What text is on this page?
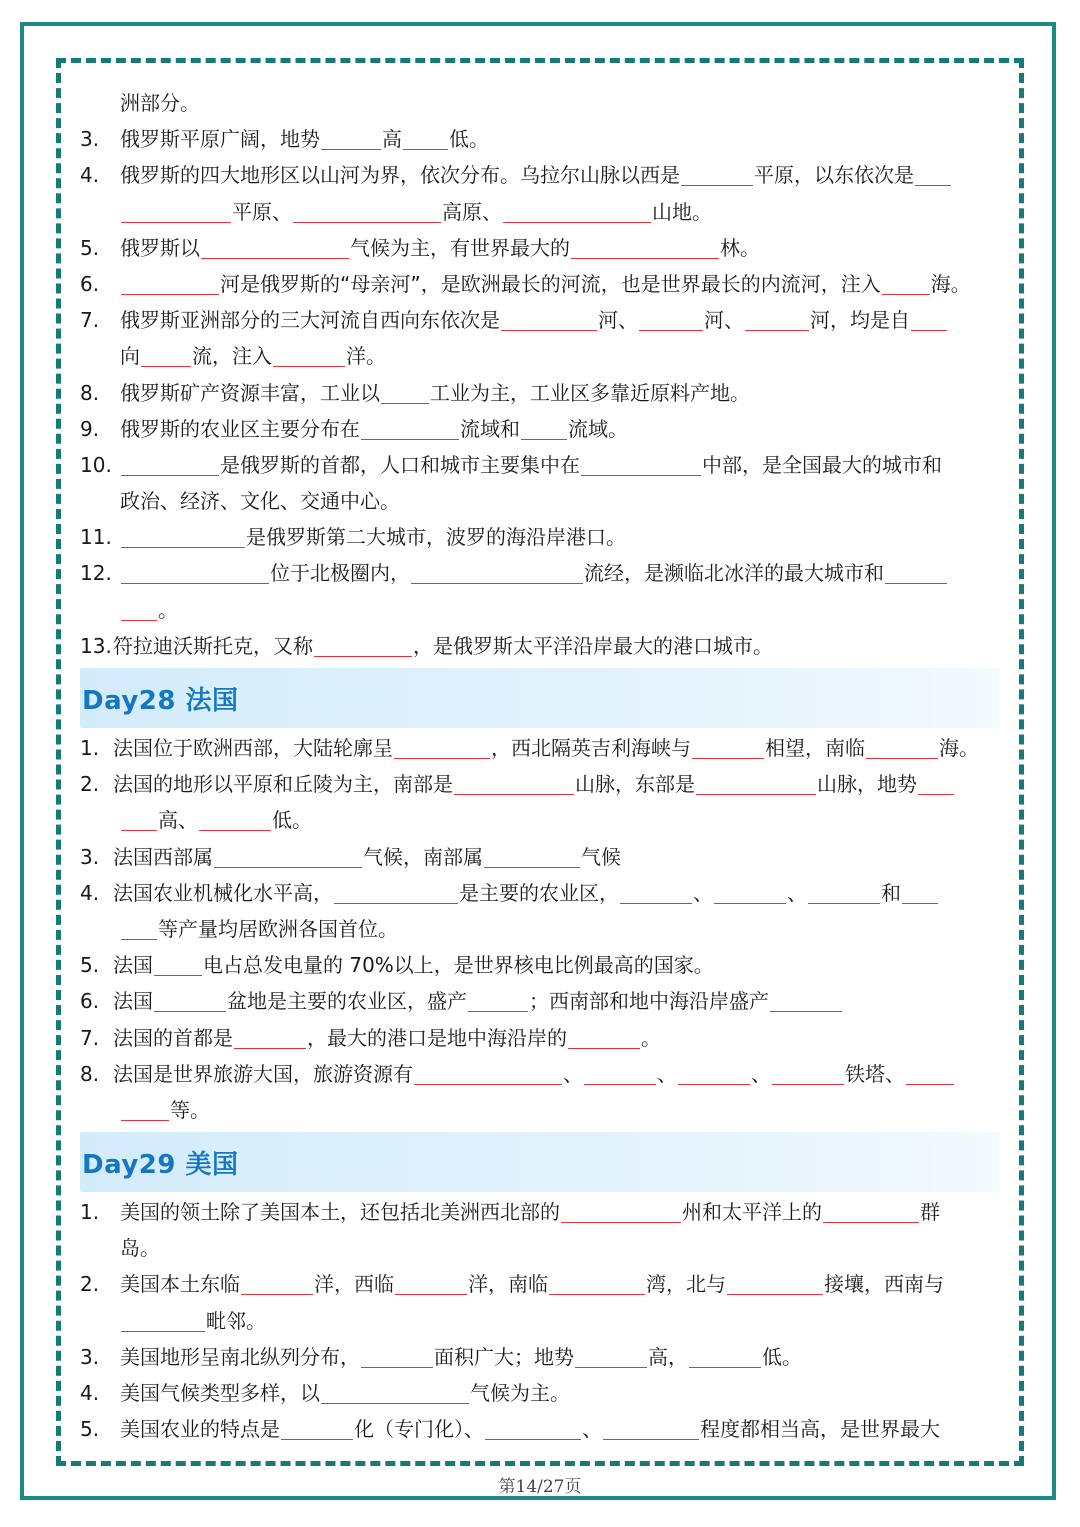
洲部分。
3.	俄罗斯平原广阔，地势	高 低。
4.	俄罗斯的四大地形区以山河为界，依次分布。乌拉尔山脉以西是	平原，以东依次是
平原、	高原、	山地。
5.	俄罗斯以	气候为主，有世界最大的	林。
6.	河是俄罗斯的“母亲河”，是欧洲最长的河流，也是世界最长的内流河，注入	海。
7.	俄罗斯亚洲部分的三大河流自西向东依次是	河、	河、	河，均是自
向	流，注入	洋。
8.	俄罗斯矿产资源丰富，工业以	工业为主，工业区多靠近原料产地。
9.	俄罗斯的农业区主要分布在	流域和 流域。
10.	是俄罗斯的首都，人口和城市主要集中在	中部，是全国最大的城市和
政治、经济、文化、交通中心。
11.	是俄罗斯第二大城市，波罗的海沿岸港口。
12.	位于北极圈内，	流经，是濒临北冰洋的最大城市和
。
13. 符拉迪沃斯托克，又称	，是俄罗斯太平洋沿岸最大的港口城市。
Day28 法国
1. 法国位于欧洲西部，大陆轮廓呈	，西北隔英吉利海峡与	相望，南临	海。
2. 法国的地形以平原和丘陵为主，南部是	山脉，东部是	山脉，地势
高、	低。
3. 法国西部属	气候，南部属	气候
4. 法国农业机械化水平高，	是主要的农业区，	、	、	和
等产量均居欧洲各国首位。
5. 法国	电占总发电量的 70%以上，是世界核电比例最高的国家。
6. 法国	盆地是主要的农业区，盛产	；西南部和地中海沿岸盛产
7. 法国的首都是	，最大的港口是地中海沿岸的	。
8. 法国是世界旅游大国，旅游资源有	、	、	、	铁塔、
等。
Day29 美国
1.	美国的领土除了美国本土，还包括北美洲西北部的	州和太平洋上的	群
岛。
2.	美国本土东临	洋，西临	洋，南临	湾，北与	接壤，西南与
毗邻。
3.	美国地形呈南北纵列分布，	面积广大；地势	高，	低。
4.	美国气候类型多样，以	气候为主。
5.	美国农业的特点是	化（专门化）、	、	程度都相当高，是世界最大
第14/27页
